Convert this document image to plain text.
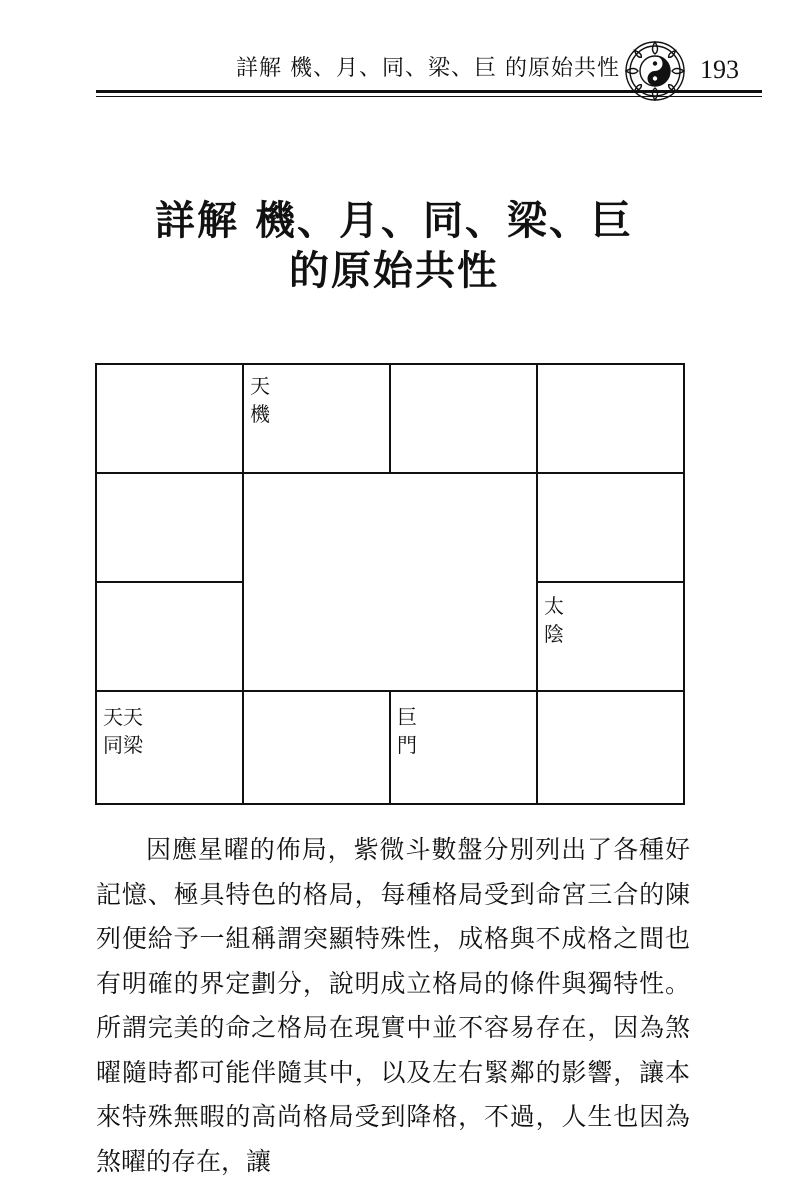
詳解 機、月、同、梁、巨 的原始共性	193
詳解 機、月、同、梁、巨
的原始共性
天
機
太
陰
天天
同梁
巨
門

因應星曜的佈局，紫微斗數盤分別列出了各種好記憶、極具特色的格局，每種格局受到命宮三合的陳列便給予一組稱謂突顯特殊性，成格與不成格之間也有明確的界定劃分，說明成立格局的條件與獨特性。所謂完美的命之格局在現實中並不容易存在，因為煞曜隨時都可能伴隨其中，以及左右緊鄰的影響，讓本來特殊無暇的高尚格局受到降格，不過，人生也因為煞曜的存在，讓
